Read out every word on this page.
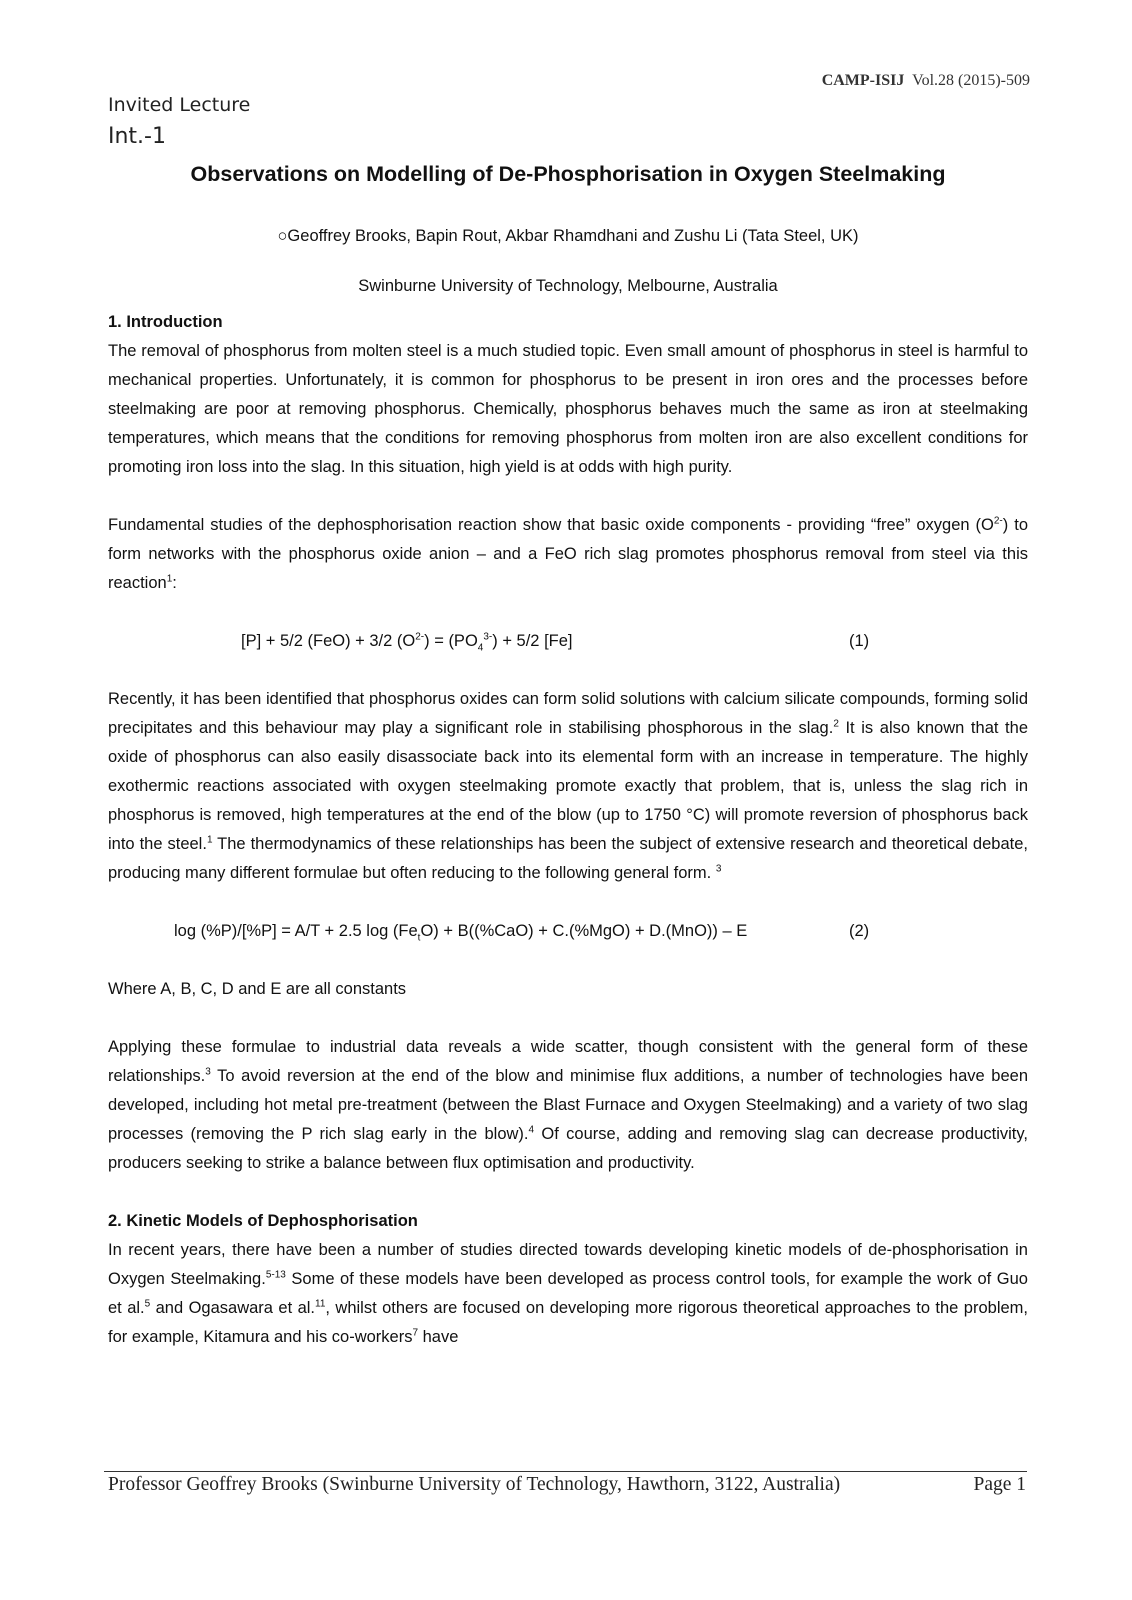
CAMP-ISIJ Vol.28 (2015)-509
Invited Lecture
Int.-1
Observations on Modelling of De-Phosphorisation in Oxygen Steelmaking
○Geoffrey Brooks, Bapin Rout, Akbar Rhamdhani and Zushu Li (Tata Steel, UK)
Swinburne University of Technology, Melbourne, Australia
1. Introduction

The removal of phosphorus from molten steel is a much studied topic. Even small amount of phosphorus in steel is harmful to mechanical properties. Unfortunately, it is common for phosphorus to be present in iron ores and the processes before steelmaking are poor at removing phosphorus. Chemically, phosphorus behaves much the same as iron at steelmaking temperatures, which means that the conditions for removing phosphorus from molten iron are also excellent conditions for promoting iron loss into the slag. In this situation, high yield is at odds with high purity.

Fundamental studies of the dephosphorisation reaction show that basic oxide components - providing “free” oxygen $(O^{2-})$ to form networks with the phosphorus oxide anion – and a FeO rich slag promotes phosphorus removal from steel via this reaction$^1$:

[P] + 5/2 (FeO) + 3/2 $(O^{2-}) = (PO_4^{3-}) + 5/2$ [Fe]	(1)

Recently, it has been identified that phosphorus oxides can form solid solutions with calcium silicate compounds, forming solid precipitates and this behaviour may play a significant role in stabilising phosphorous in the slag.$^2$ It is also known that the oxide of phosphorus can also easily disassociate back into its elemental form with an increase in temperature. The highly exothermic reactions associated with oxygen steelmaking promote exactly that problem, that is, unless the slag rich in phosphorus is removed, high temperatures at the end of the blow (up to 1750 °C) will promote reversion of phosphorus back into the steel.$^1$ The thermodynamics of these relationships has been the subject of extensive research and theoretical debate, producing many different formulae but often reducing to the following general form. $^3$

log (%P)/[%P] = A/T + 2.5 $\log (Fe_tO) + B((\%CaO) + C.(\%MgO) + D.(MnO)) - E$	(2)

Where A, B, C, D and E are all constants

Applying these formulae to industrial data reveals a wide scatter, though consistent with the general form of these relationships.$^3$ To avoid reversion at the end of the blow and minimise flux additions, a number of technologies have been developed, including hot metal pre-treatment (between the Blast Furnace and Oxygen Steelmaking) and a variety of two slag processes (removing the P rich slag early in the blow).$^4$ Of course, adding and removing slag can decrease productivity, producers seeking to strike a balance between flux optimisation and productivity.

2. Kinetic Models of Dephosphorisation

In recent years, there have been a number of studies directed towards developing kinetic models of de-phosphorisation in Oxygen Steelmaking.$^{5-13}$ Some of these models have been developed as process control tools, for example the work of Guo et al.$^5$ and Ogasawara et al.$^{11}$, whilst others are focused on developing more rigorous theoretical approaches to the problem, for example, Kitamura and his co-workers$^7$ have

Professor Geoffrey Brooks (Swinburne University of Technology, Hawthorn, 3122, Australia)	Page 1
